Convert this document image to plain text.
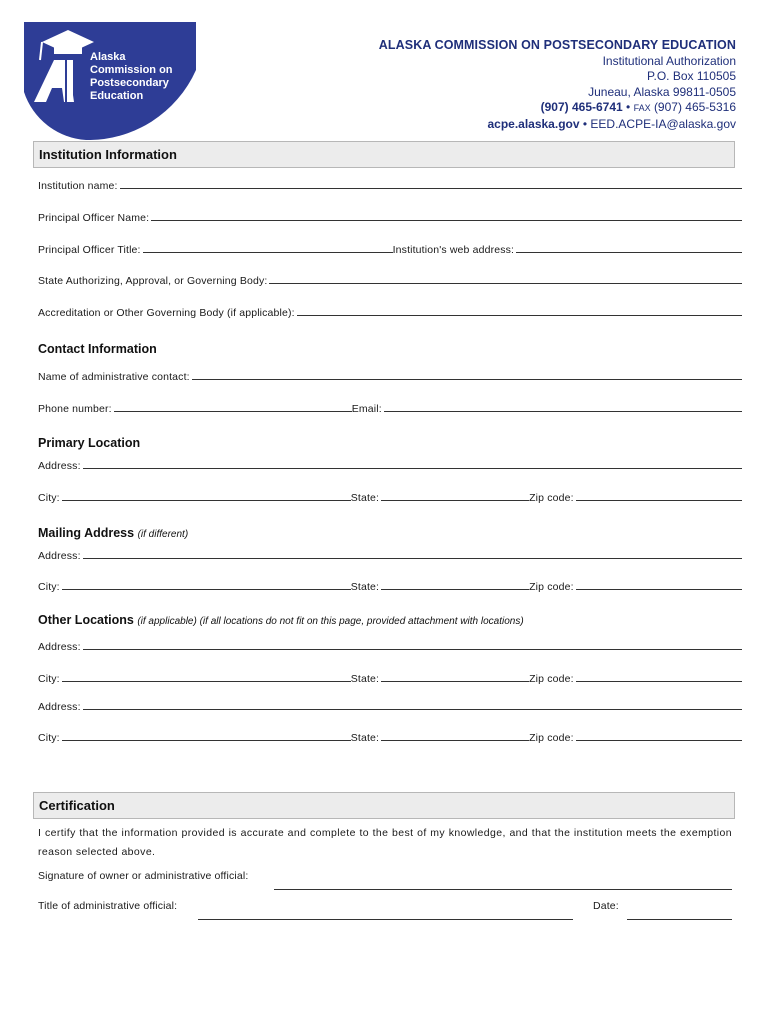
Alaska
Commission on
Postsecondary
Education
ALASKA COMMISSION ON POSTSECONDARY EDUCATION
Institutional Authorization
P.O. Box 110505
Juneau, Alaska 99811-0505
(907) 465-6741 • FAX (907) 465-5316
acpe.alaska.gov • EED.ACPE-IA@alaska.gov
Institution Information
Institution name:
Principal Officer Name:
Principal Officer Title:	Institution's web address:
State Authorizing, Approval, or Governing Body:
Accreditation or Other Governing Body (if applicable):
Contact Information
Name of administrative contact:
Phone number:	Email:
Primary Location
Address:
City:	State:	Zip code:
Mailing Address (if different)
Address:
City:	State:	Zip code:
Other Locations (if applicable) (if all locations do not fit on this page, provided attachment with locations)
Address:
City:	State:	Zip code:
Address:
City:	State:	Zip code:
Certification
I certify that the information provided is accurate and complete to the best of my knowledge, and that the institution meets the exemption reason selected above.
Signature of owner or administrative official:
Title of administrative official:	Date:
